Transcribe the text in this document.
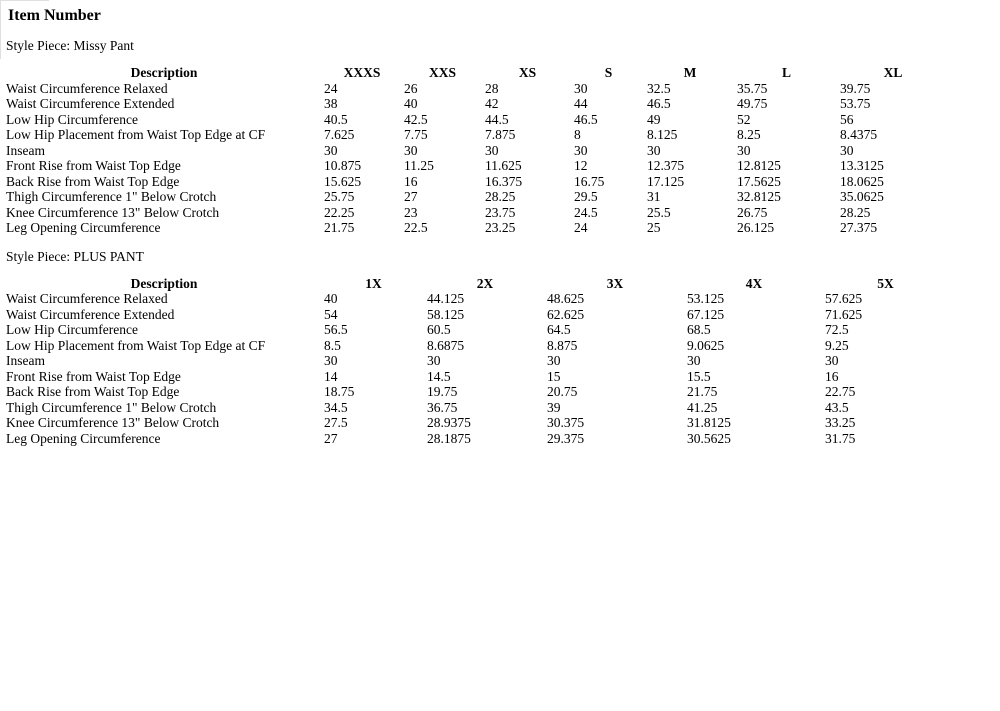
Item Number
Style Piece: Missy Pant
Description	XXXS	XXS	XS	S	M	L	XL
Waist Circumference Relaxed	24	26	28	30	32.5	35.75	39.75
Waist Circumference Extended	38	40	42	44	46.5	49.75	53.75
Low Hip Circumference	40.5	42.5	44.5	46.5	49	52	56
Low Hip Placement from Waist Top Edge at CF	7.625	7.75	7.875	8	8.125	8.25	8.4375
Inseam	30	30	30	30	30	30	30
Front Rise from Waist Top Edge	10.875	11.25	11.625	12	12.375	12.8125	13.3125
Back Rise from Waist Top Edge	15.625	16	16.375	16.75	17.125	17.5625	18.0625
Thigh Circumference 1" Below Crotch	25.75	27	28.25	29.5	31	32.8125	35.0625
Knee Circumference 13" Below Crotch	22.25	23	23.75	24.5	25.5	26.75	28.25
Leg Opening Circumference	21.75	22.5	23.25	24	25	26.125	27.375
Style Piece: PLUS PANT
Description	1X	2X	3X	4X	5X
Waist Circumference Relaxed	40	44.125	48.625	53.125	57.625
Waist Circumference Extended	54	58.125	62.625	67.125	71.625
Low Hip Circumference	56.5	60.5	64.5	68.5	72.5
Low Hip Placement from Waist Top Edge at CF	8.5	8.6875	8.875	9.0625	9.25
Inseam	30	30	30	30	30
Front Rise from Waist Top Edge	14	14.5	15	15.5	16
Back Rise from Waist Top Edge	18.75	19.75	20.75	21.75	22.75
Thigh Circumference 1" Below Crotch	34.5	36.75	39	41.25	43.5
Knee Circumference 13" Below Crotch	27.5	28.9375	30.375	31.8125	33.25
Leg Opening Circumference	27	28.1875	29.375	30.5625	31.75
